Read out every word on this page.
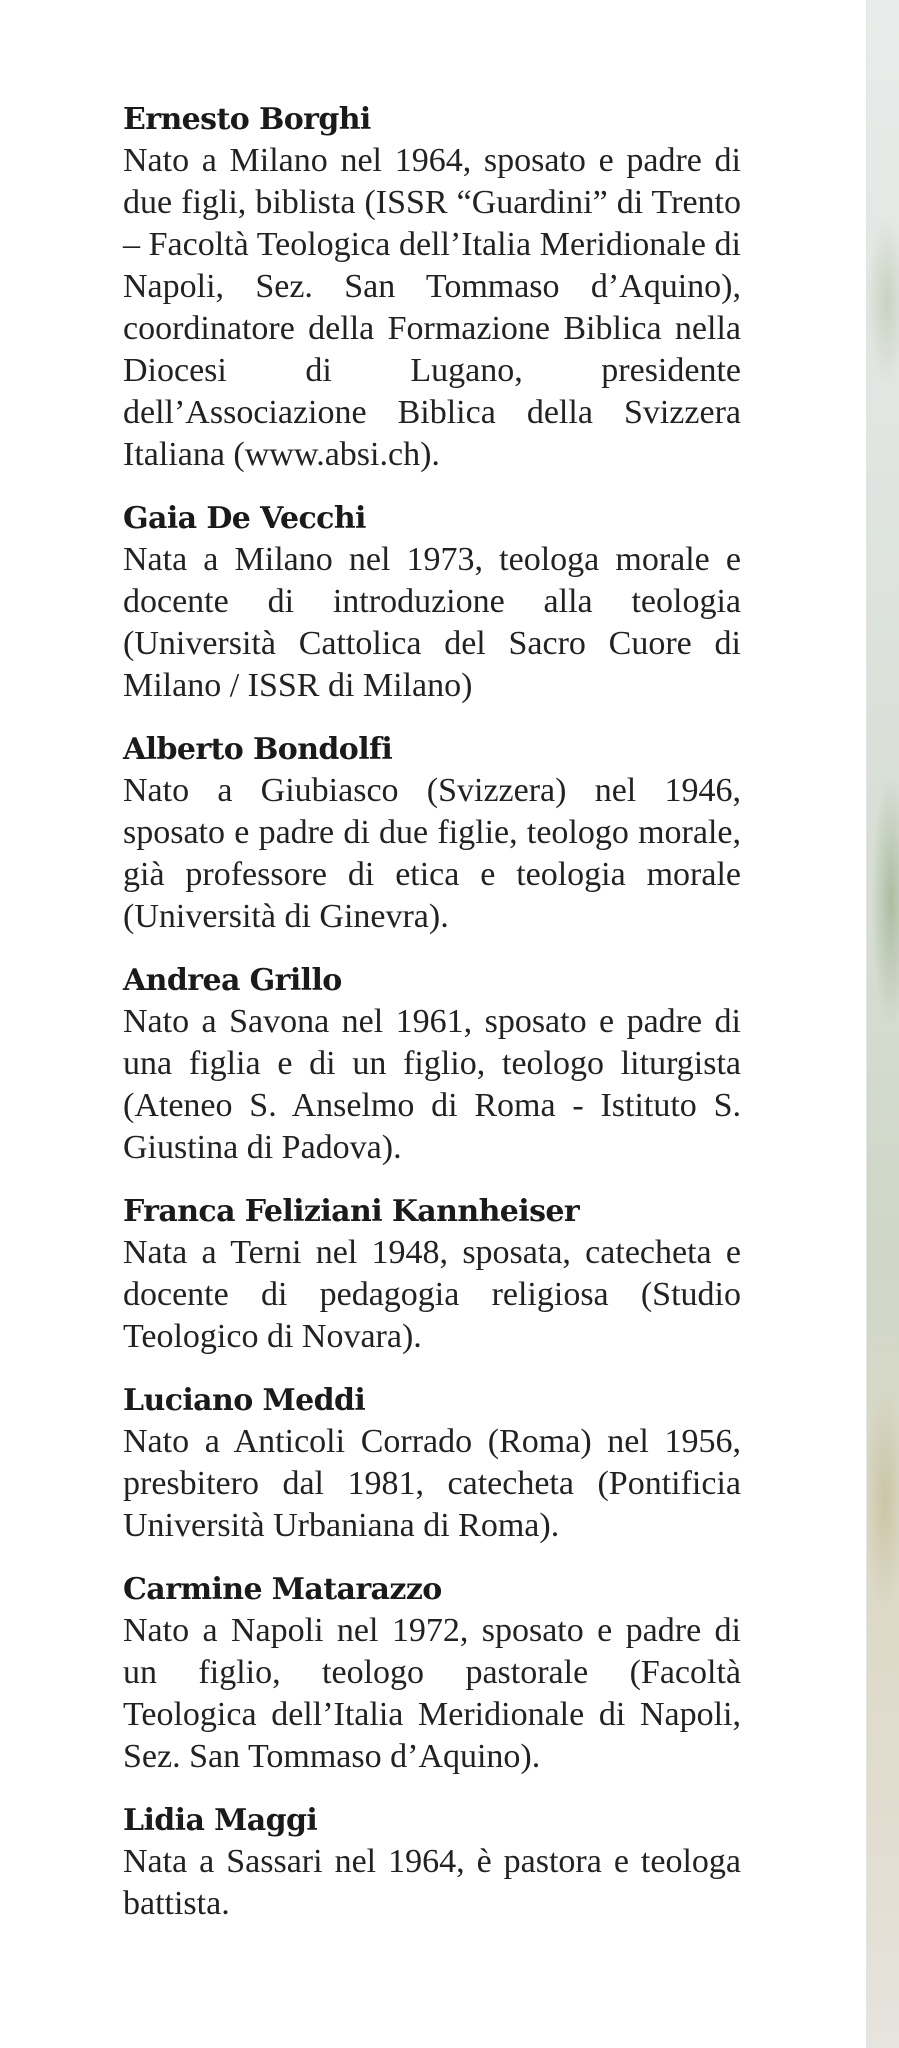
Ernesto Borghi

Nato a Milano nel 1964, sposato e padre di due figli, biblista (ISSR “Guardini” di Trento – Facoltà Teologica dell’Italia Meridionale di Napoli, Sez. San Tommaso d’Aquino), coordinatore della Formazione Biblica nella Diocesi di Lugano, presidente dell’Associazione Biblica della Svizzera Italiana (www.absi.ch).

Gaia De Vecchi

Nata a Milano nel 1973, teologa morale e docente di introduzione alla teologia (Università Cattolica del Sacro Cuore di Milano / ISSR di Milano)

Alberto Bondolfi

Nato a Giubiasco (Svizzera) nel 1946, sposato e padre di due figlie, teologo morale, già professore di etica e teologia morale (Università di Ginevra).

Andrea Grillo

Nato a Savona nel 1961, sposato e padre di una figlia e di un figlio, teologo liturgista (Ateneo S. Anselmo di Roma - Istituto S. Giustina di Padova).

Franca Feliziani Kannheiser

Nata a Terni nel 1948, sposata, catecheta e docente di pedagogia religiosa (Studio Teologico di Novara).

Luciano Meddi

Nato a Anticoli Corrado (Roma) nel 1956, presbitero dal 1981, catecheta (Pontificia Università Urbaniana di Roma).

Carmine Matarazzo

Nato a Napoli nel 1972, sposato e padre di un figlio, teologo pastorale (Facoltà Teologica dell’Italia Meridionale di Napoli, Sez. San Tommaso d’Aquino).

Lidia Maggi

Nata a Sassari nel 1964, è pastora e teologa battista.
